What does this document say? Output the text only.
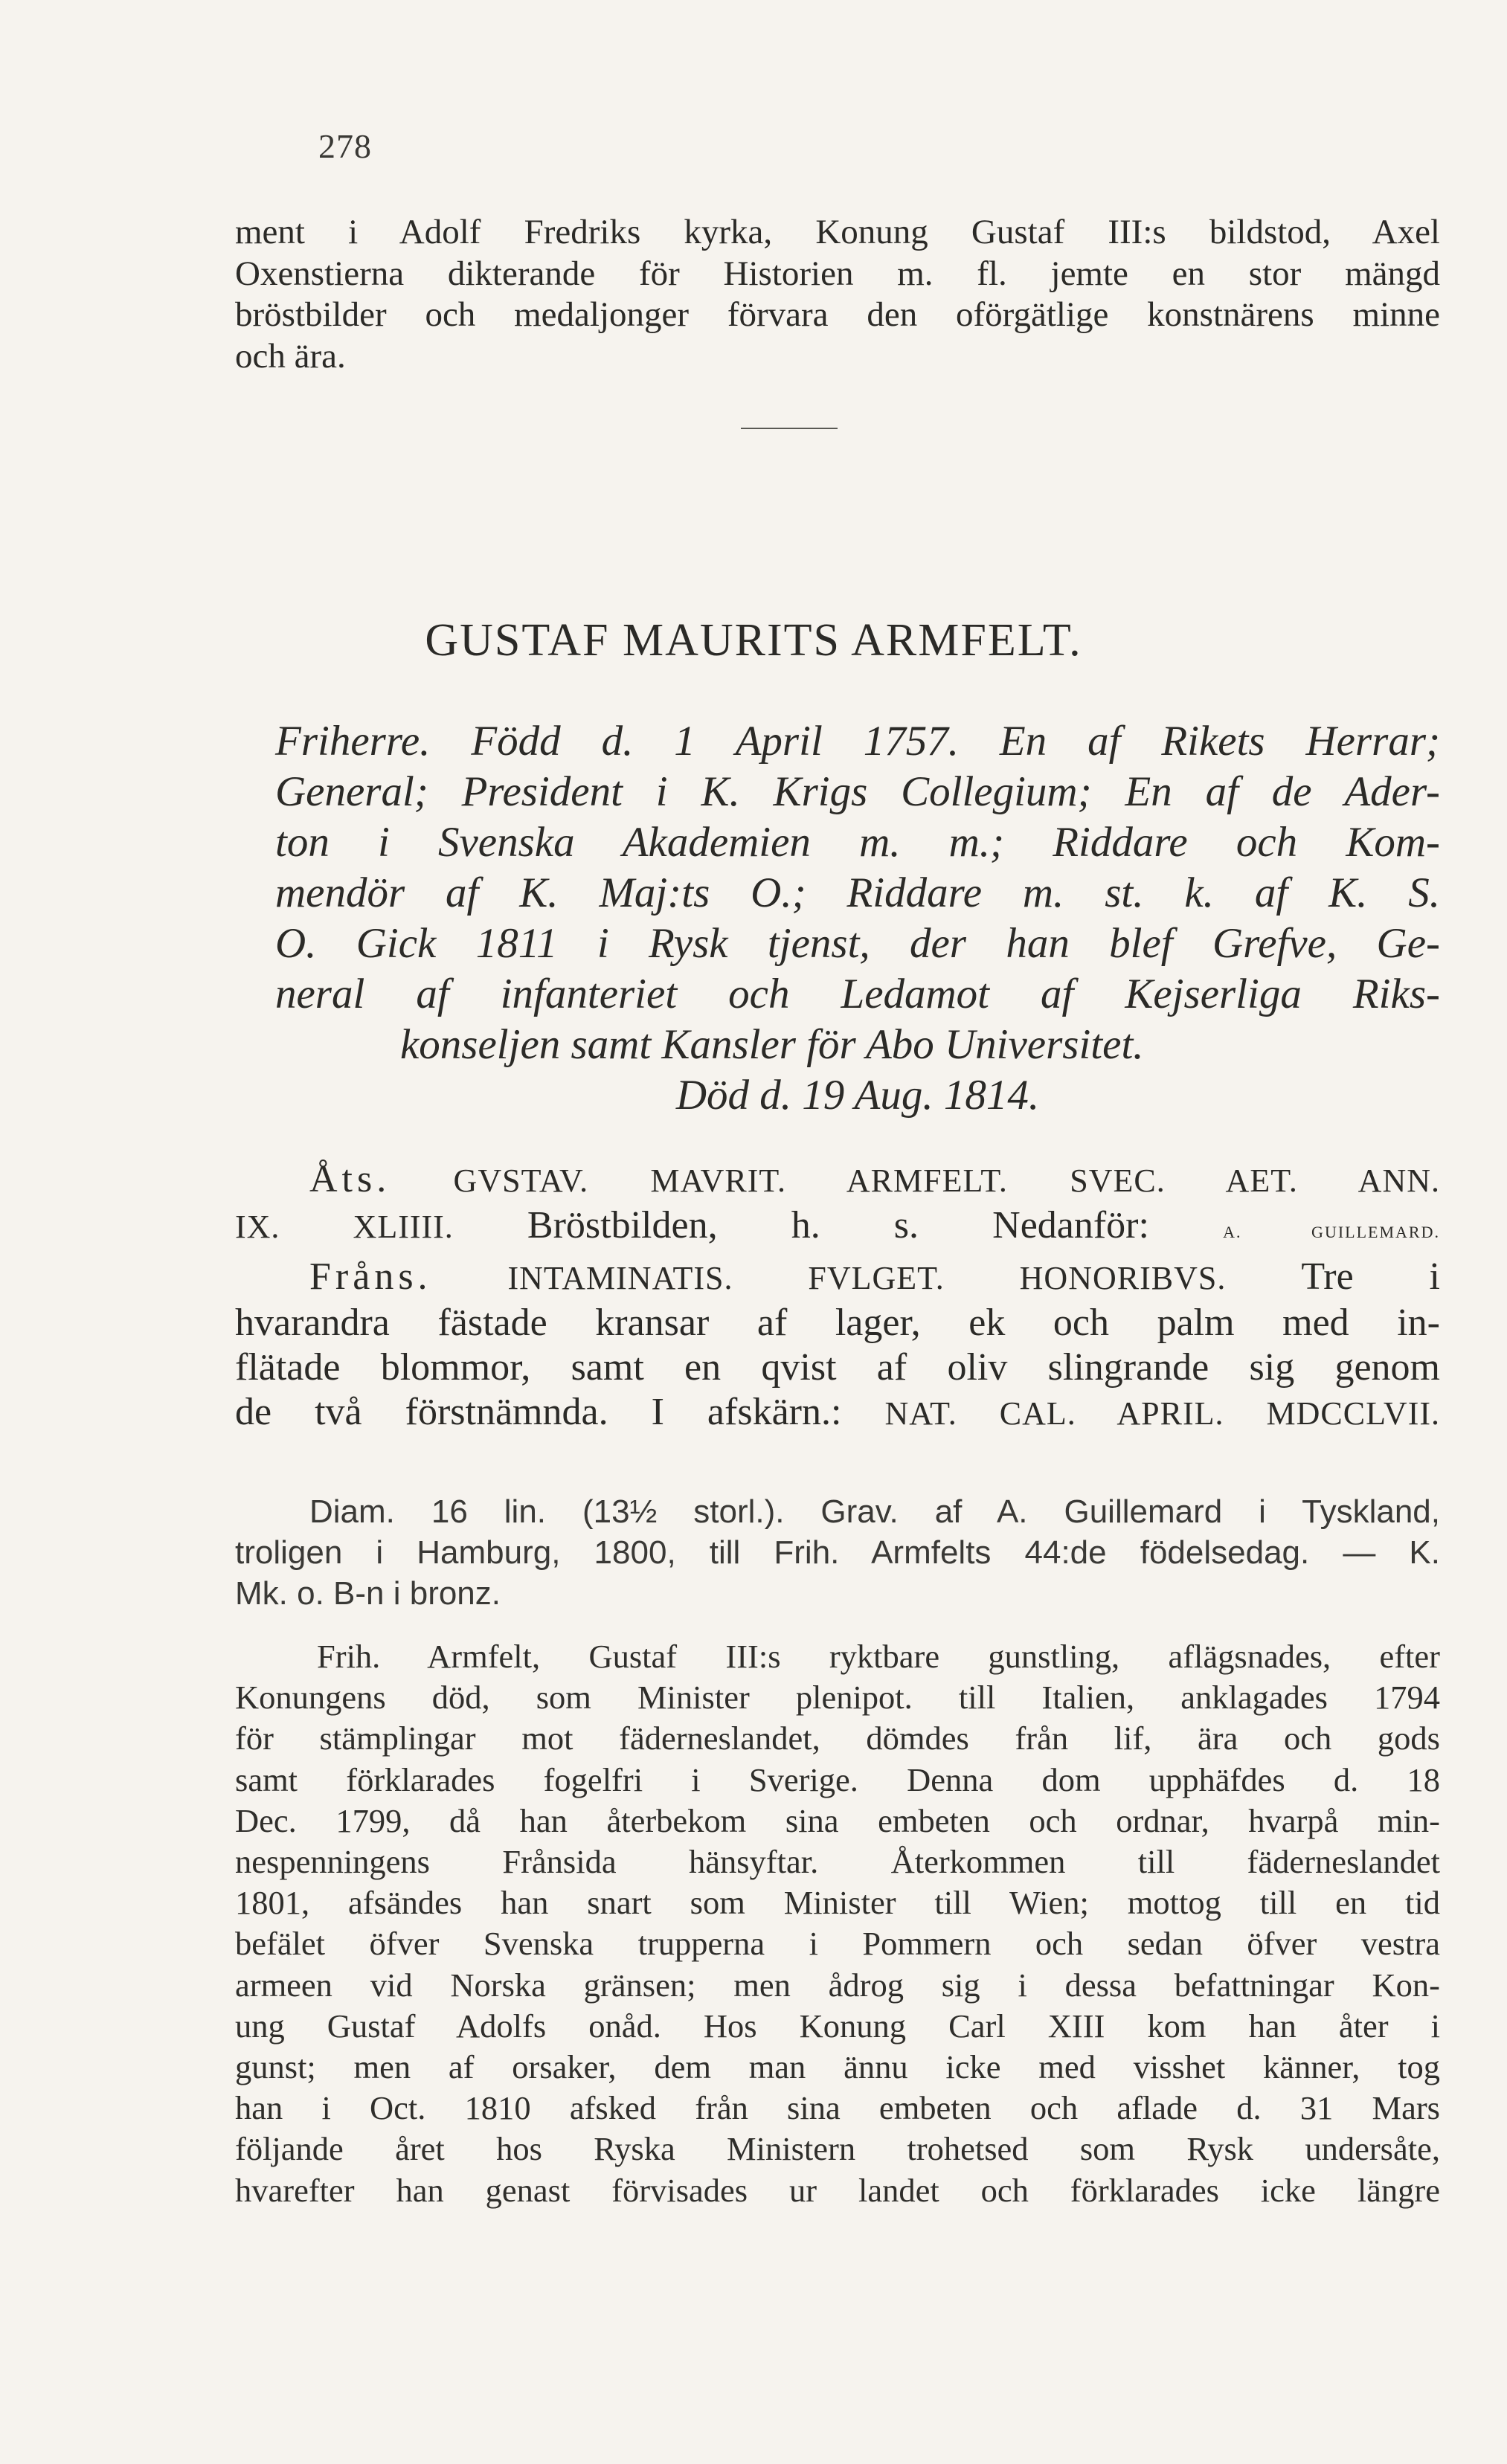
278
ment i Adolf Fredriks kyrka, Konung Gustaf III:s bildstod, Axel
Oxenstierna dikterande för Historien m. fl. jemte en stor mängd
bröstbilder och medaljonger förvara den oförgätlige konstnärens minne
och ära.
GUSTAF MAURITS ARMFELT.
Friherre. Född d. 1 April 1757. En af Rikets Herrar;
General; President i K. Krigs Collegium; En af de Ader-
ton i Svenska Akademien m. m.; Riddare och Kom-
mendör af K. Maj:ts O.; Riddare m. st. k. af K. S.
O. Gick 1811 i Rysk tjenst, der han blef Grefve, Ge-
neral af infanteriet och Ledamot af Kejserliga Riks-
konseljen samt Kansler för Abo Universitet.
Död d. 19 Aug. 1814.
Åts. GVSTAV. MAVRIT. ARMFELT. SVEC. AET. ANN.
IX. XLIIII. Bröstbilden, h. s. Nedanför:	A. GUILLEMARD.
Fråns. INTAMINATIS. FVLGET. HONORIBVS. Tre i
hvarandra fästade kransar af lager, ek och palm med in-
flätade blommor, samt en qvist af oliv slingrande sig genom
de två förstnämnda. I afskärn.: NAT. CAL. APRIL. MDCCLVII.
Diam. 16 lin. (13½ storl.). Grav. af A. Guillemard i Tyskland,
troligen i Hamburg, 1800, till Frih. Armfelts 44:de födelsedag. — K.
Mk. o. B-n i bronz.
Frih. Armfelt, Gustaf III:s ryktbare gunstling, aflägsnades, efter
Konungens död, som Minister plenipot. till Italien, anklagades 1794
för stämplingar mot fäderneslandet, dömdes från lif, ära och gods
samt förklarades fogelfri i Sverige. Denna dom upphäfdes d. 18
Dec. 1799, då han återbekom sina embeten och ordnar, hvarpå min-
nespenningens Frånsida hänsyftar. Återkommen till fäderneslandet
1801, afsändes han snart som Minister till Wien; mottog till en tid
befälet öfver Svenska trupperna i Pommern och sedan öfver vestra
armeen vid Norska gränsen; men ådrog sig i dessa befattningar Kon-
ung Gustaf Adolfs onåd. Hos Konung Carl XIII kom han åter i
gunst; men af orsaker, dem man ännu icke med visshet känner, tog
han i Oct. 1810 afsked från sina embeten och aflade d. 31 Mars
följande året hos Ryska Ministern trohetsed som Rysk undersåte,
hvarefter han genast förvisades ur landet och förklarades icke längre
